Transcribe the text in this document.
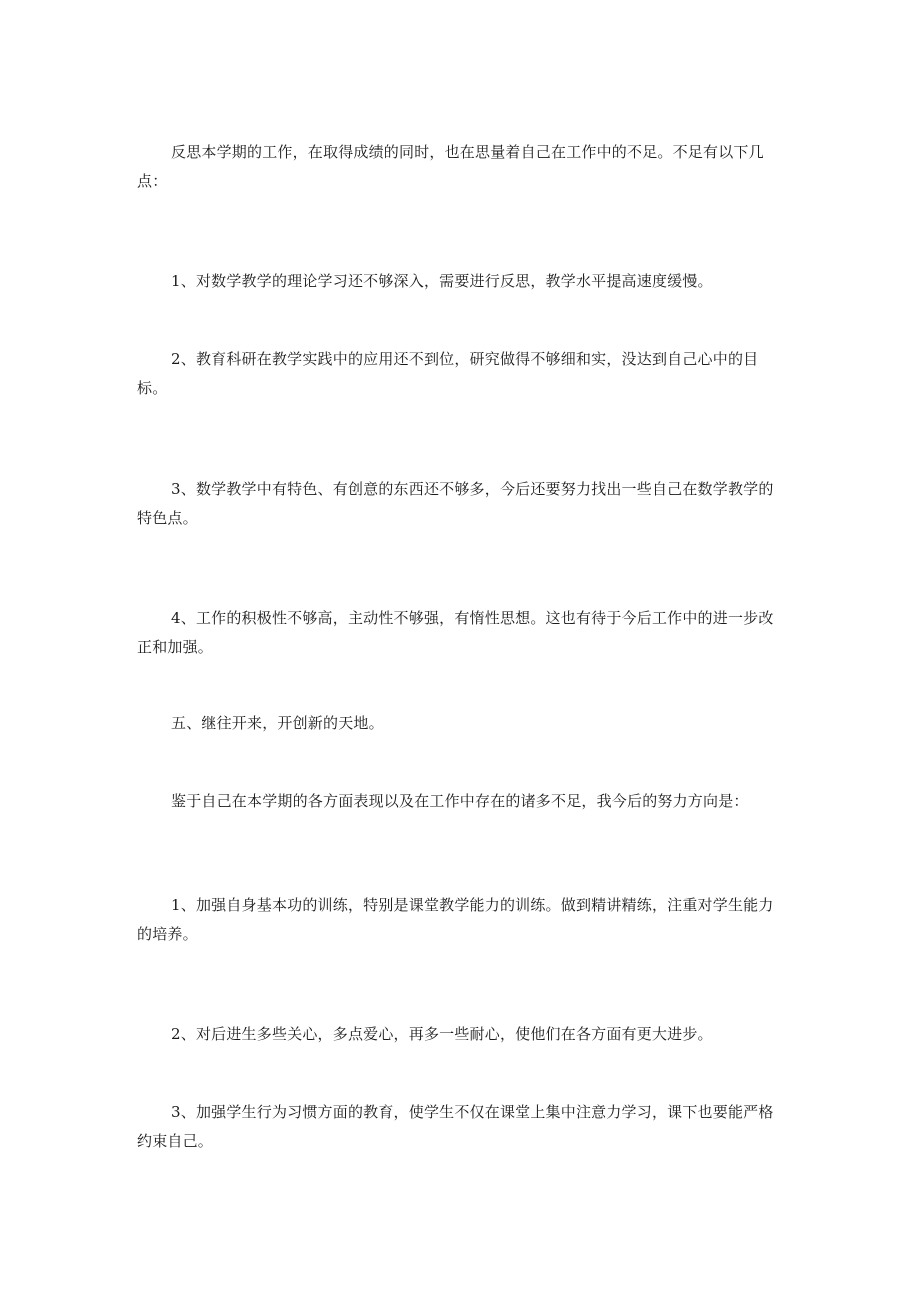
反思本学期的工作，在取得成绩的同时，也在思量着自己在工作中的不足。不足有以下几点：

1、对数学教学的理论学习还不够深入，需要进行反思，教学水平提高速度缓慢。

2、教育科研在教学实践中的应用还不到位，研究做得不够细和实，没达到自己心中的目标。

3、数学教学中有特色、有创意的东西还不够多，今后还要努力找出一些自己在数学教学的特色点。

4、工作的积极性不够高，主动性不够强，有惰性思想。这也有待于今后工作中的进一步改正和加强。

五、继往开来，开创新的天地。

鉴于自己在本学期的各方面表现以及在工作中存在的诸多不足，我今后的努力方向是：

1、加强自身基本功的训练，特别是课堂教学能力的训练。做到精讲精练，注重对学生能力的培养。

2、对后进生多些关心，多点爱心，再多一些耐心，使他们在各方面有更大进步。

3、加强学生行为习惯方面的教育，使学生不仅在课堂上集中注意力学习，课下也要能严格约束自己。
